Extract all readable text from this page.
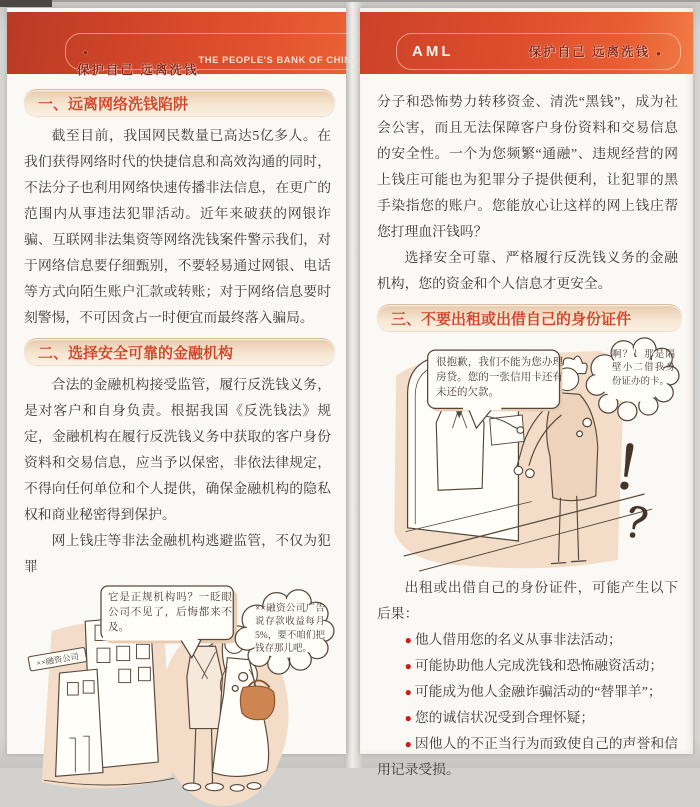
●保护自己 远离洗钱
THE PEOPLE'S BANK OF CHINA
一、远离网络洗钱陷阱
截至目前，我国网民数量已高达5亿多人。在我们获得网络时代的快捷信息和高效沟通的同时，不法分子也利用网络快速传播非法信息，在更广的范围内从事违法犯罪活动。近年来破获的网银诈骗、互联网非法集资等网络洗钱案件警示我们，对于网络信息要仔细甄别，不要轻易通过网银、电话等方式向陌生账户汇款或转账；对于网络信息要时刻警惕，不可因贪占一时便宜而最终落入骗局。
二、选择安全可靠的金融机构
合法的金融机构接受监管，履行反洗钱义务，是对客户和自身负责。根据我国《反洗钱法》规定，金融机构在履行反洗钱义务中获取的客户身份资料和交易信息，应当予以保密，非依法律规定，不得向任何单位和个人提供，确保金融机构的隐私权和商业秘密得到保护。
网上钱庄等非法金融机构逃避监管，不仅为犯罪
××融资公司
它是正规机构吗？一眨眼公司不见了，后悔都来不及。
××融资公司广告说存款收益每月5%，要不咱们把钱存那儿吧。
AML	保护自己 远离洗钱 ●
分子和恐怖势力转移资金、清洗“黑钱”，成为社会公害，而且无法保障客户身份资料和交易信息的安全性。一个为您频繁“通融”、违规经营的网上钱庄可能也为犯罪分子提供便利，让犯罪的黑手染指您的账户。您能放心让这样的网上钱庄帮您打理血汗钱吗？
选择安全可靠、严格履行反洗钱义务的金融机构，您的资金和个人信息才更安全。
三、不要出租或出借自己的身份证件
很抱歉，我们不能为您办理房贷。您的一张信用卡还有未还的欠款。
啊？！那是隔壁小二借我身份证办的卡。
！
？
出租或出借自己的身份证件，可能产生以下后果：
● 他人借用您的名义从事非法活动；
● 可能协助他人完成洗钱和恐怖融资活动；
● 可能成为他人金融诈骗活动的“替罪羊”；
● 您的诚信状况受到合理怀疑；
● 因他人的不正当行为而致使自己的声誉和信用记录受损。
